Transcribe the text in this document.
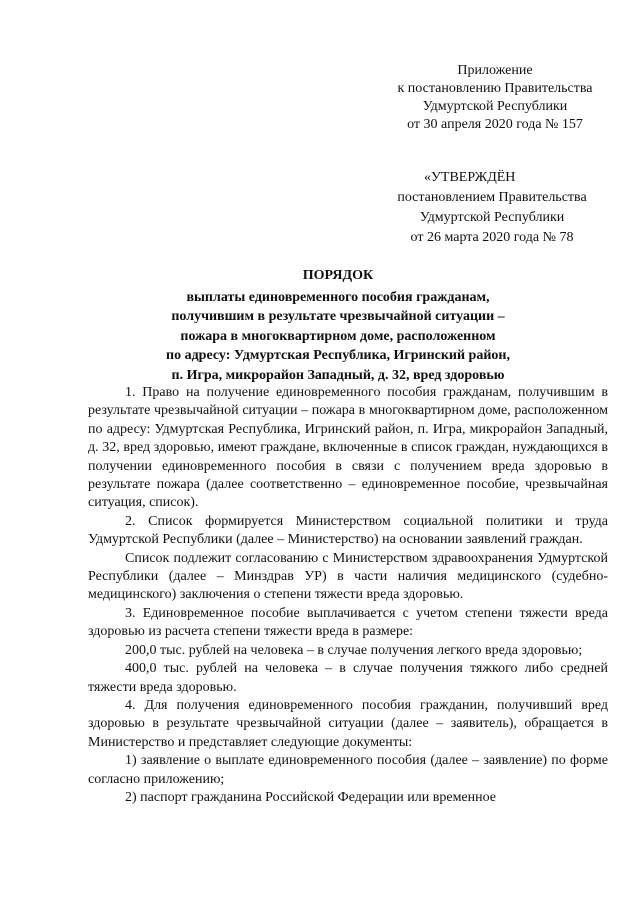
Приложение
к постановлению Правительства
Удмуртской Республики
от 30 апреля 2020 года № 157
«УТВЕРЖДЁН
постановлением Правительства
Удмуртской Республики
от 26 марта 2020 года № 78
ПОРЯДОК
выплаты единовременного пособия гражданам,
получившим в результате чрезвычайной ситуации –
пожара в многоквартирном доме, расположенном
по адресу: Удмуртская Республика, Игринский район,
п. Игра, микрорайон Западный, д. 32, вред здоровью

1. Право на получение единовременного пособия гражданам, получившим в результате чрезвычайной ситуации – пожара в многоквартирном доме, расположенном по адресу: Удмуртская Республика, Игринский район, п. Игра, микрорайон Западный, д. 32, вред здоровью, имеют граждане, включенные в список граждан, нуждающихся в получении единовременного пособия в связи с получением вреда здоровью в результате пожара (далее соответственно – единовременное пособие, чрезвычайная ситуация, список).

2. Список формируется Министерством социальной политики и труда Удмуртской Республики (далее – Министерство) на основании заявлений граждан.

Список подлежит согласованию с Министерством здравоохранения Удмуртской Республики (далее – Минздрав УР) в части наличия медицинского (судебно-медицинского) заключения о степени тяжести вреда здоровью.

3. Единовременное пособие выплачивается с учетом степени тяжести вреда здоровью из расчета степени тяжести вреда в размере:

200,0 тыс. рублей на человека – в случае получения легкого вреда здоровью;

400,0 тыс. рублей на человека – в случае получения тяжкого либо средней тяжести вреда здоровью.

4. Для получения единовременного пособия гражданин, получивший вред здоровью в результате чрезвычайной ситуации (далее – заявитель), обращается в Министерство и представляет следующие документы:

1) заявление о выплате единовременного пособия (далее – заявление) по форме согласно приложению;

2) паспорт гражданина Российской Федерации или временное
